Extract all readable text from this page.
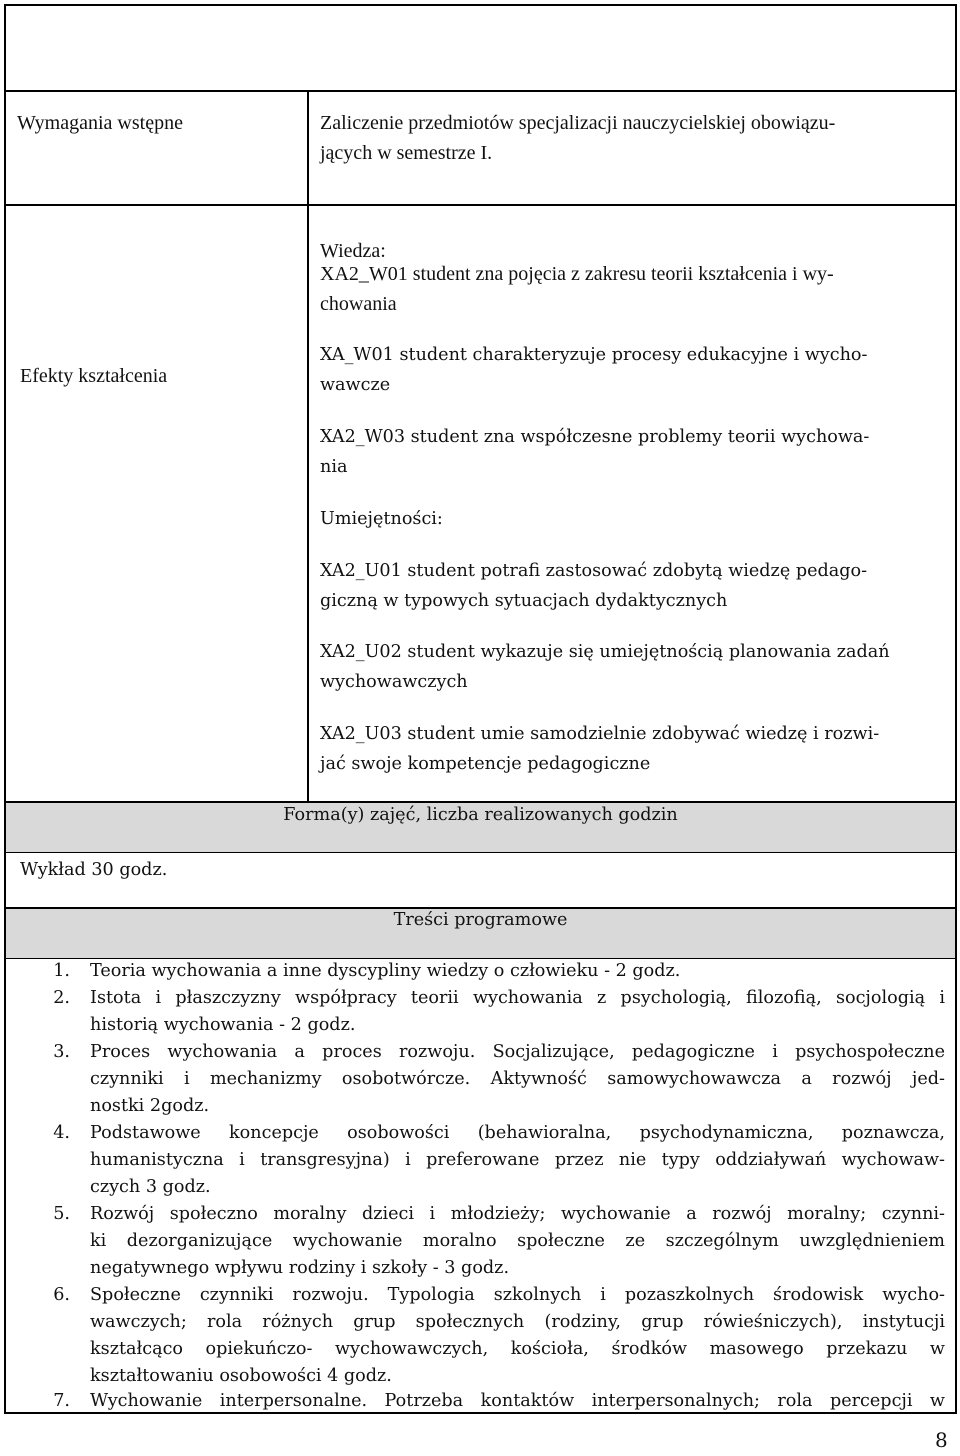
Wymagania wstępne	Zaliczenie przedmiotów specjalizacji nauczycielskiej obowiązu-
jących w semestrze I.
Efekty kształcenia
Wiedza:
XA2_W01 student zna pojęcia z zakresu teorii kształcenia i wy-
chowania
XA_W01 student charakteryzuje procesy edukacyjne i wycho-
wawcze
XA2_W03 student zna współczesne problemy teorii wychowa-
nia
Umiejętności:
XA2_U01 student potrafi zastosować zdobytą wiedzę pedago-
giczną w typowych sytuacjach dydaktycznych
XA2_U02 student wykazuje się umiejętnością planowania zadań
wychowawczych
XA2_U03 student umie samodzielnie zdobywać wiedzę i rozwi-
jać swoje kompetencje pedagogiczne
Forma(y) zajęć, liczba realizowanych godzin
Wykład 30 godz.
Treści programowe
1. Teoria wychowania a inne dyscypliny wiedzy o człowieku - 2 godz.
2. Istota i płaszczyzny współpracy teorii wychowania z psychologią, filozofią, socjologią i
historią wychowania - 2 godz.
3. Proces wychowania a proces rozwoju. Socjalizujące, pedagogiczne i psychospołeczne
czynniki i mechanizmy osobotwórcze. Aktywność samowychowawcza a rozwój jed-
nostki 2godz.
4. Podstawowe koncepcje osobowości (behawioralna, psychodynamiczna, poznawcza,
humanistyczna i transgresyjna) i preferowane przez nie typy oddziaływań wychowaw-
czych 3 godz.
5. Rozwój społeczno moralny dzieci i młodzieży; wychowanie a rozwój moralny; czynni-
ki dezorganizujące wychowanie moralno społeczne ze szczególnym uwzględnieniem
negatywnego wpływu rodziny i szkoły - 3 godz.
6. Społeczne czynniki rozwoju. Typologia szkolnych i pozaszkolnych środowisk wycho-
wawczych; rola różnych grup społecznych (rodziny, grup rówieśniczych), instytucji
kształcąco opiekuńczo- wychowawczych, kościoła, środków masowego przekazu w
kształtowaniu osobowości 4 godz.
7. Wychowanie interpersonalne. Potrzeba kontaktów interpersonalnych; rola percepcji w
8
